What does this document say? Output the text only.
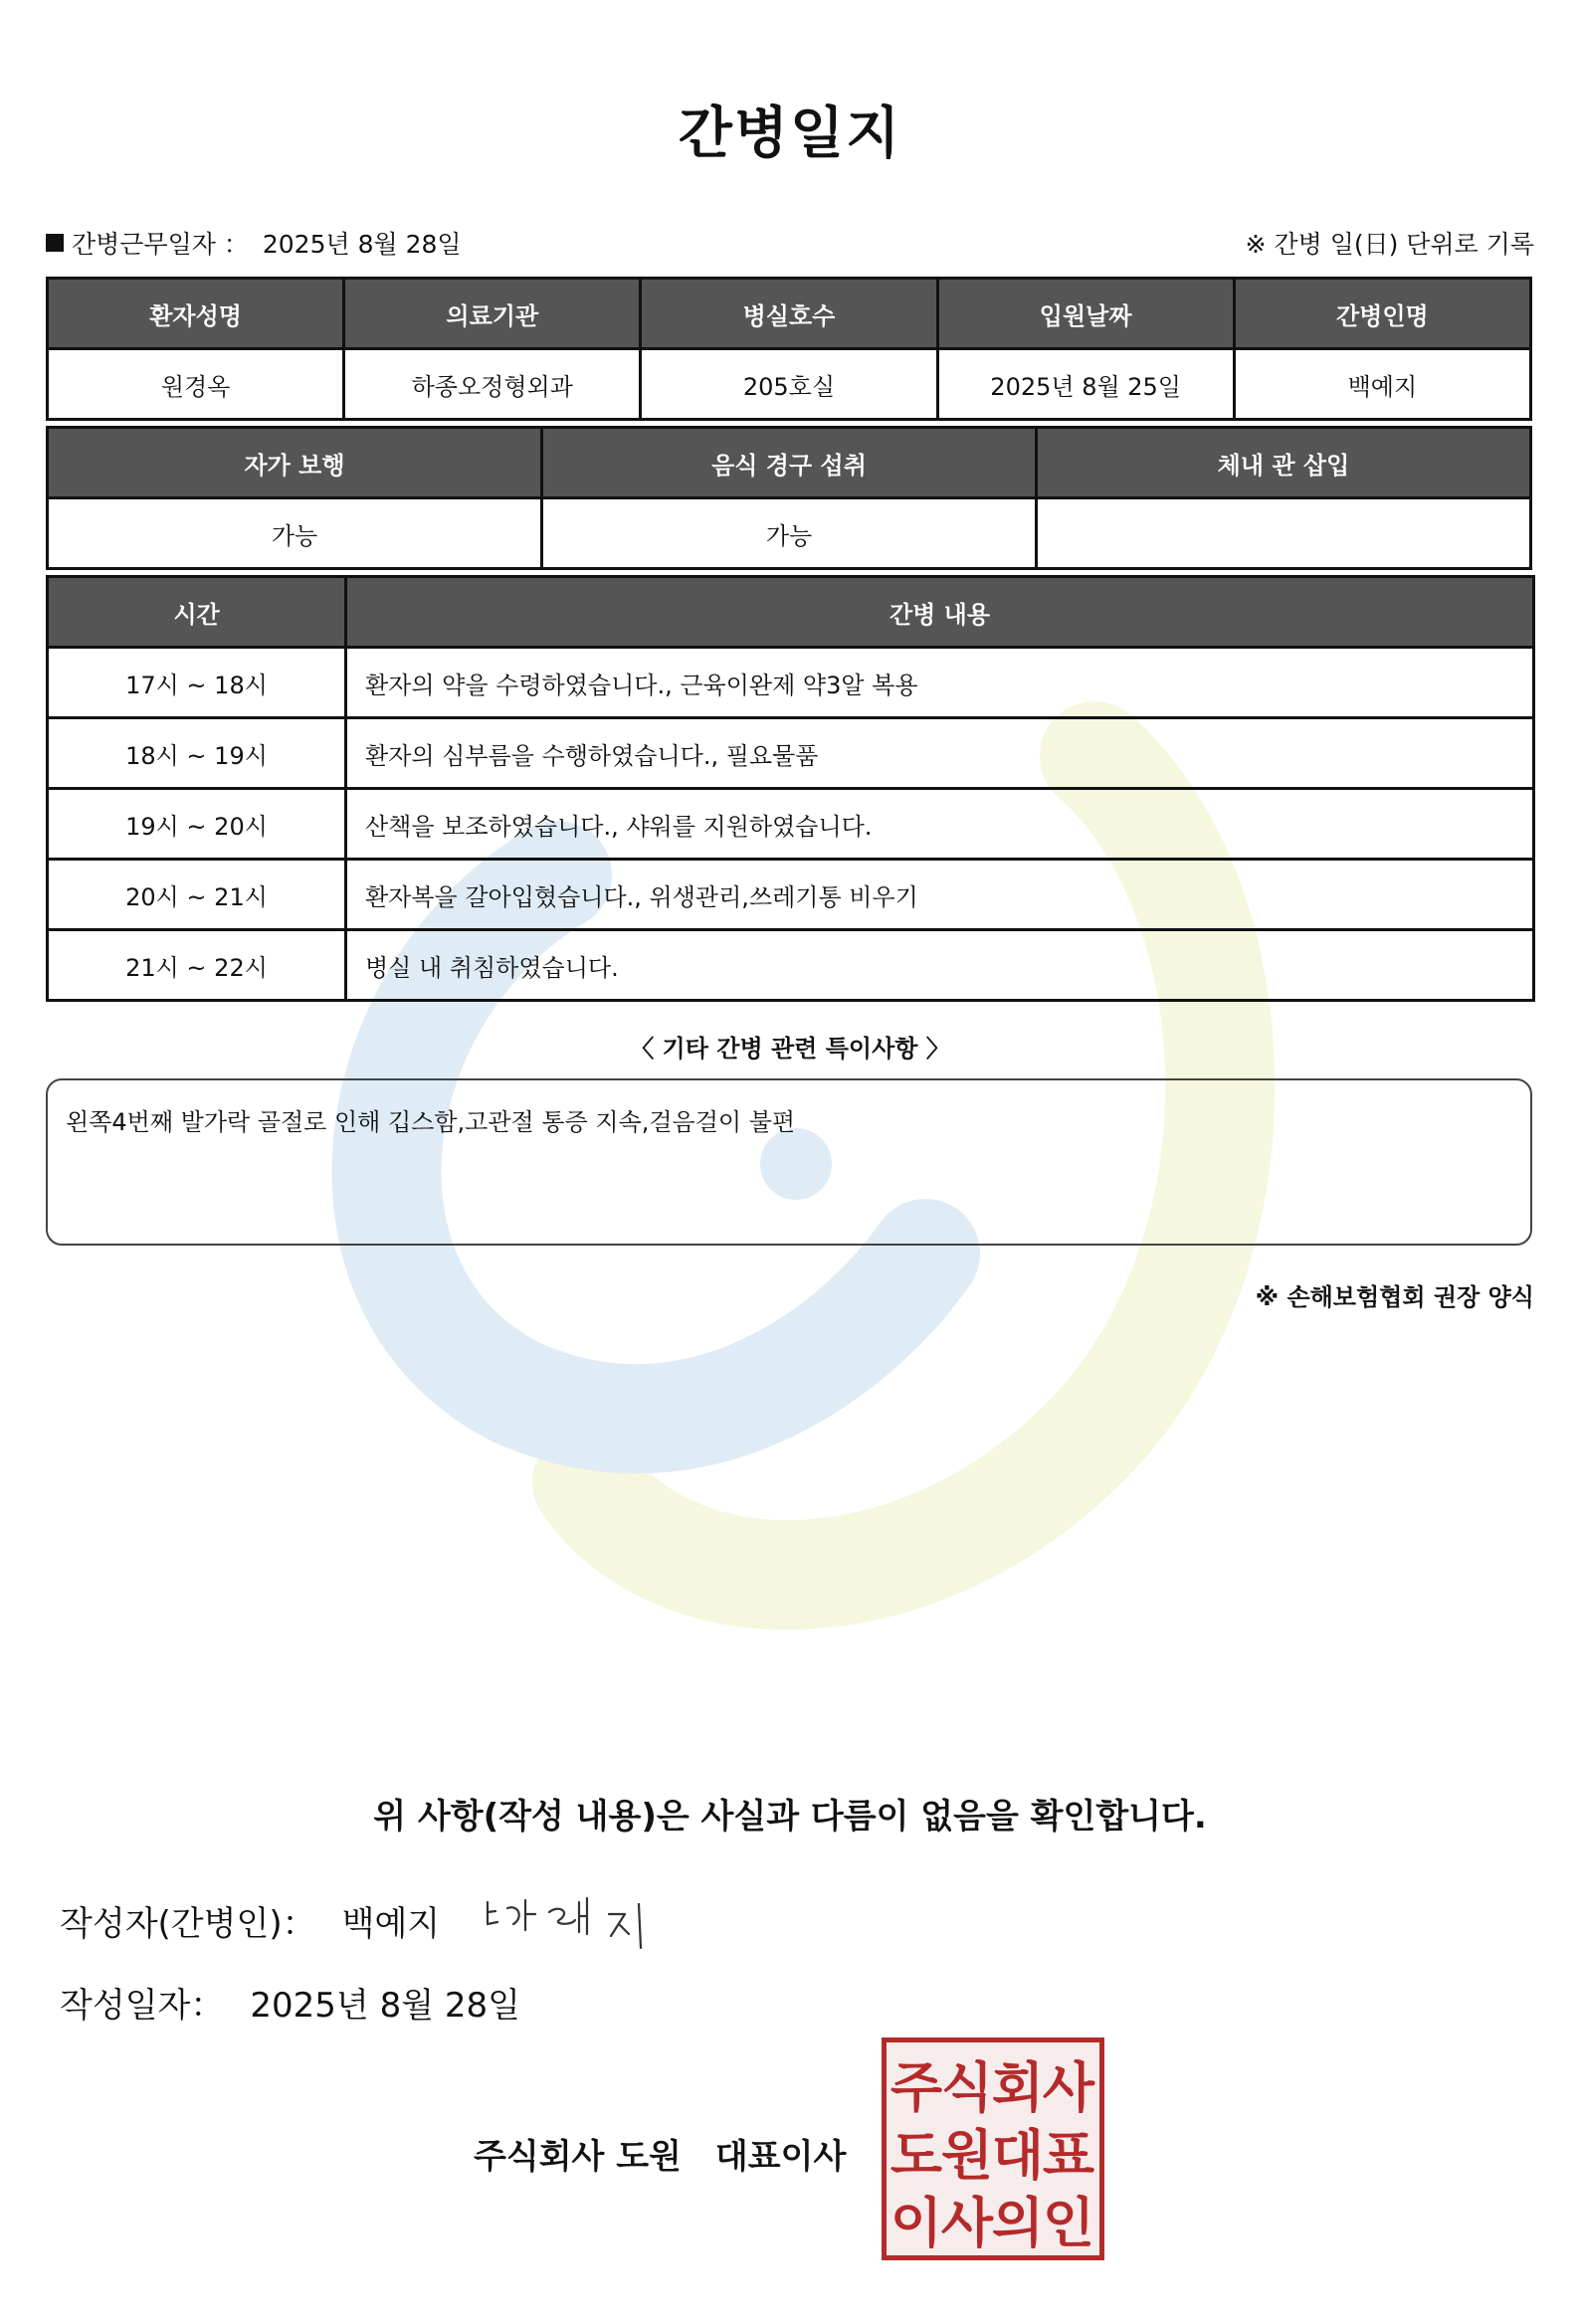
간병일지
간병근무일자 ： 2025년 8월 28일	※ 간병 일(日) 단위로 기록
환자성명	의료기관	병실호수	입원날짜	간병인명
원경옥	하종오정형외과	205호실	2025년 8월 25일	백예지
자가 보행	음식 경구 섭취	체내 관 삽입
가능	가능	
시간	간병 내용
17시 ~ 18시	환자의 약을 수령하였습니다., 근육이완제 약3알 복용
18시 ~ 19시	환자의 심부름을 수행하였습니다., 필요물품
19시 ~ 20시	산책을 보조하였습니다., 샤워를 지원하였습니다.
20시 ~ 21시	환자복을 갈아입혔습니다., 위생관리,쓰레기통 비우기
21시 ~ 22시	병실 내 취침하였습니다.
〈 기타 간병 관련 특이사항 〉
왼쪽4번째 발가락 골절로 인해 깁스함,고관절 통증 지속,걸음걸이 불편
※ 손해보험협회 권장 양식
위 사항(작성 내용)은 사실과 다름이 없음을 확인합니다.
작성자(간병인)： 백예지
작성일자： 2025년 8월 28일
주식회사 도원 대표이사
주
식
회
사
도
원
대
표
이
사
의
인
